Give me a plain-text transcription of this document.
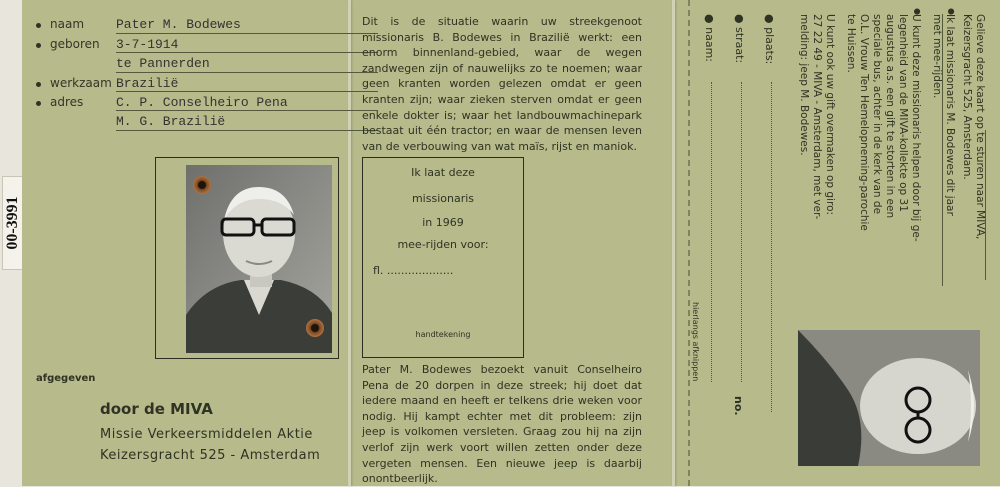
00-3991
naam Pater M. Bodewes
geboren 3-7-1914
te Pannerden
werkzaam Brazilië
adres	C. P. Conselheiro Pena
M. G. Brazilië
afgegeven
door de MIVA
Missie Verkeersmiddelen Aktie
Keizersgracht 525 - Amsterdam

Dit is de situatie waarin uw streekgenoot missionaris B. Bodewes in Brazilië werkt: een enorm binnenland-gebied, waar de wegen zandwegen zijn of nauwelijks zo te noemen; waar geen kranten worden gelezen omdat er geen kranten zijn; waar zieken sterven omdat er geen enkele dokter is; waar het landbouwmachinepark bestaat uit één tractor; en waar de mensen leven van de verbouwing van wat maïs, rijst en maniok.

Ik laat deze
missionaris
in 1969
mee-rijden voor:
fl. ...................
handtekening

Pater M. Bodewes bezoekt vanuit Conselheiro Pena de 20 dorpen in deze streek; hij doet dat iedere maand en heeft er telkens drie weken voor nodig. Hij kampt echter met dit probleem: zijn jeep is volkomen versleten. Graag zou hij na zijn verlof zijn werk voort willen zetten onder deze vergeten mensen. Een nieuwe jeep is daarbij onontbeerlijk.

● naam:
● straat:
● plaats:
hierlangs afknippen
no.
Gelieve deze kaart op te sturen naar MIVA,
Keizersgracht 525, Amsterdam.
Ik laat missionaris M. Bodewes dit jaar
met mee-rijden.
U kunt deze missionaris helpen door bij ge-
legenheid van de MIVA-kollekte op 31
augustus a.s. een gift te storten in een
speciale bus, achter in de kerk van de
O.L. Vrouw Ten Hemelopneming-parochie
te Huissen.
U kunt ook uw gift overmaken op giro:
27 22 49 - MIVA - Amsterdam, met ver-
melding: jeep M. Bodewes.
●
●
